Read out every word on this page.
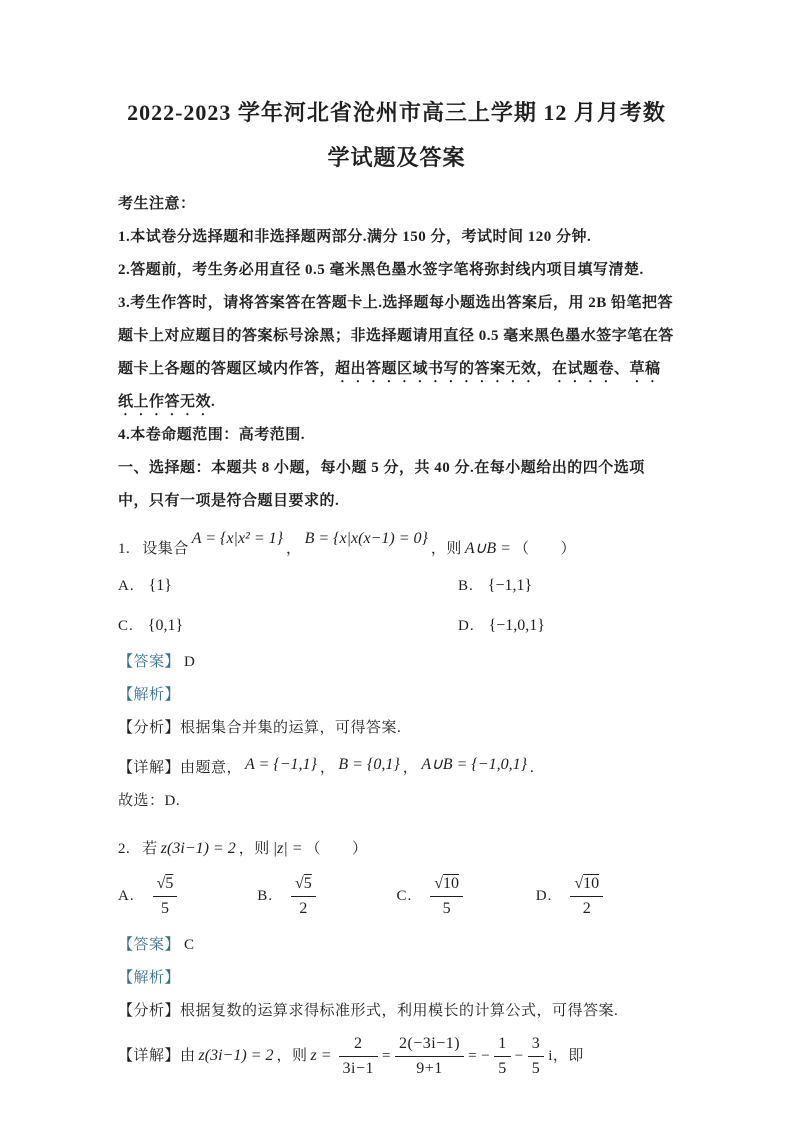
2022-2023 学年河北省沧州市高三上学期 12 月月考数学试题及答案

考生注意：

1.本试卷分选择题和非选择题两部分.满分 150 分，考试时间 120 分钟.

2.答题前，考生务必用直径 0.5 毫米黑色墨水签字笔将弥封线内项目填写清楚.

3.考生作答时，请将答案答在答题卡上.选择题每小题选出答案后，用 2B 铅笔把答题卡上对应题目的答案标号涂黑；非选择题请用直径 0.5 毫来黑色墨水签字笔在答题卡上各题的答题区域内作答，超出答题区域书写的答案无效，在试题卷、草稿纸上作答无效.

4.本卷命题范围：高考范围.

一、选择题：本题共 8 小题，每小题 5 分，共 40 分.在每小题给出的四个选项中，只有一项是符合题目要求的.

1. 设集合A = {x|x² = 1}，B = {x|x(x−1) = 0}，则 A∪B = （　　）

A. {1}	B. {−1,1}
C. {0,1}	D. {−1,0,1}

【答案】 D

【解析】

【分析】根据集合并集的运算，可得答案.

【详解】由题意， A = {−1,1} ， B = {0,1} ， A∪B = {−1,0,1} .

故选：D.

2. 若 z(3i−1) = 2 ，则 |z| = （　　）

A. $\frac{√5}{5}$	B. $\frac{√5}{2}$	C. $\frac{√10}{5}$	D. $\frac{√10}{2}$

【答案】 C

【解析】

【分析】根据复数的运算求得标准形式，利用模长的计算公式，可得答案.

【详解】由 z(3i−1) = 2 ，则 $z = \frac{2}{3i-1} = \frac{2(-3i-1)}{9+1}$ = − $\frac{1}{5} - \frac{3}{5}$ i，即
